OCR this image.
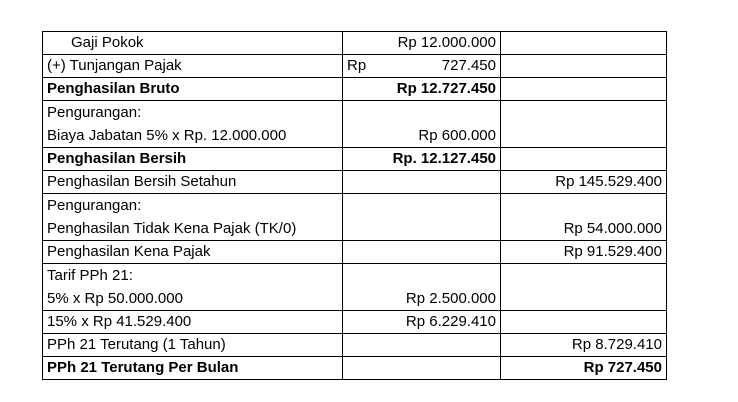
Gaji Pokok	Rp 12.000.000	
(+) Tunjangan Pajak	Rp 727.450	

Penghasilan Bruto	Rp 12.727.450	

Pengurangan:
Biaya Jabatan 5% x Rp. 12.000.000	Rp 600.000	
Penghasilan Bersih	Rp. 12.127.450	
Penghasilan Bersih Setahun		Rp 145.529.400

Pengurangan:
Penghasilan Tidak Kena Pajak (TK/0)		Rp 54.000.000
Penghasilan Kena Pajak		Rp 91.529.400

Tarif PPh 21:
5% x Rp 50.000.000	Rp 2.500.000	
15% x Rp 41.529.400	Rp 6.229.410	
PPh 21 Terutang (1 Tahun)		Rp 8.729.410
PPh 21 Terutang Per Bulan		Rp 727.450
